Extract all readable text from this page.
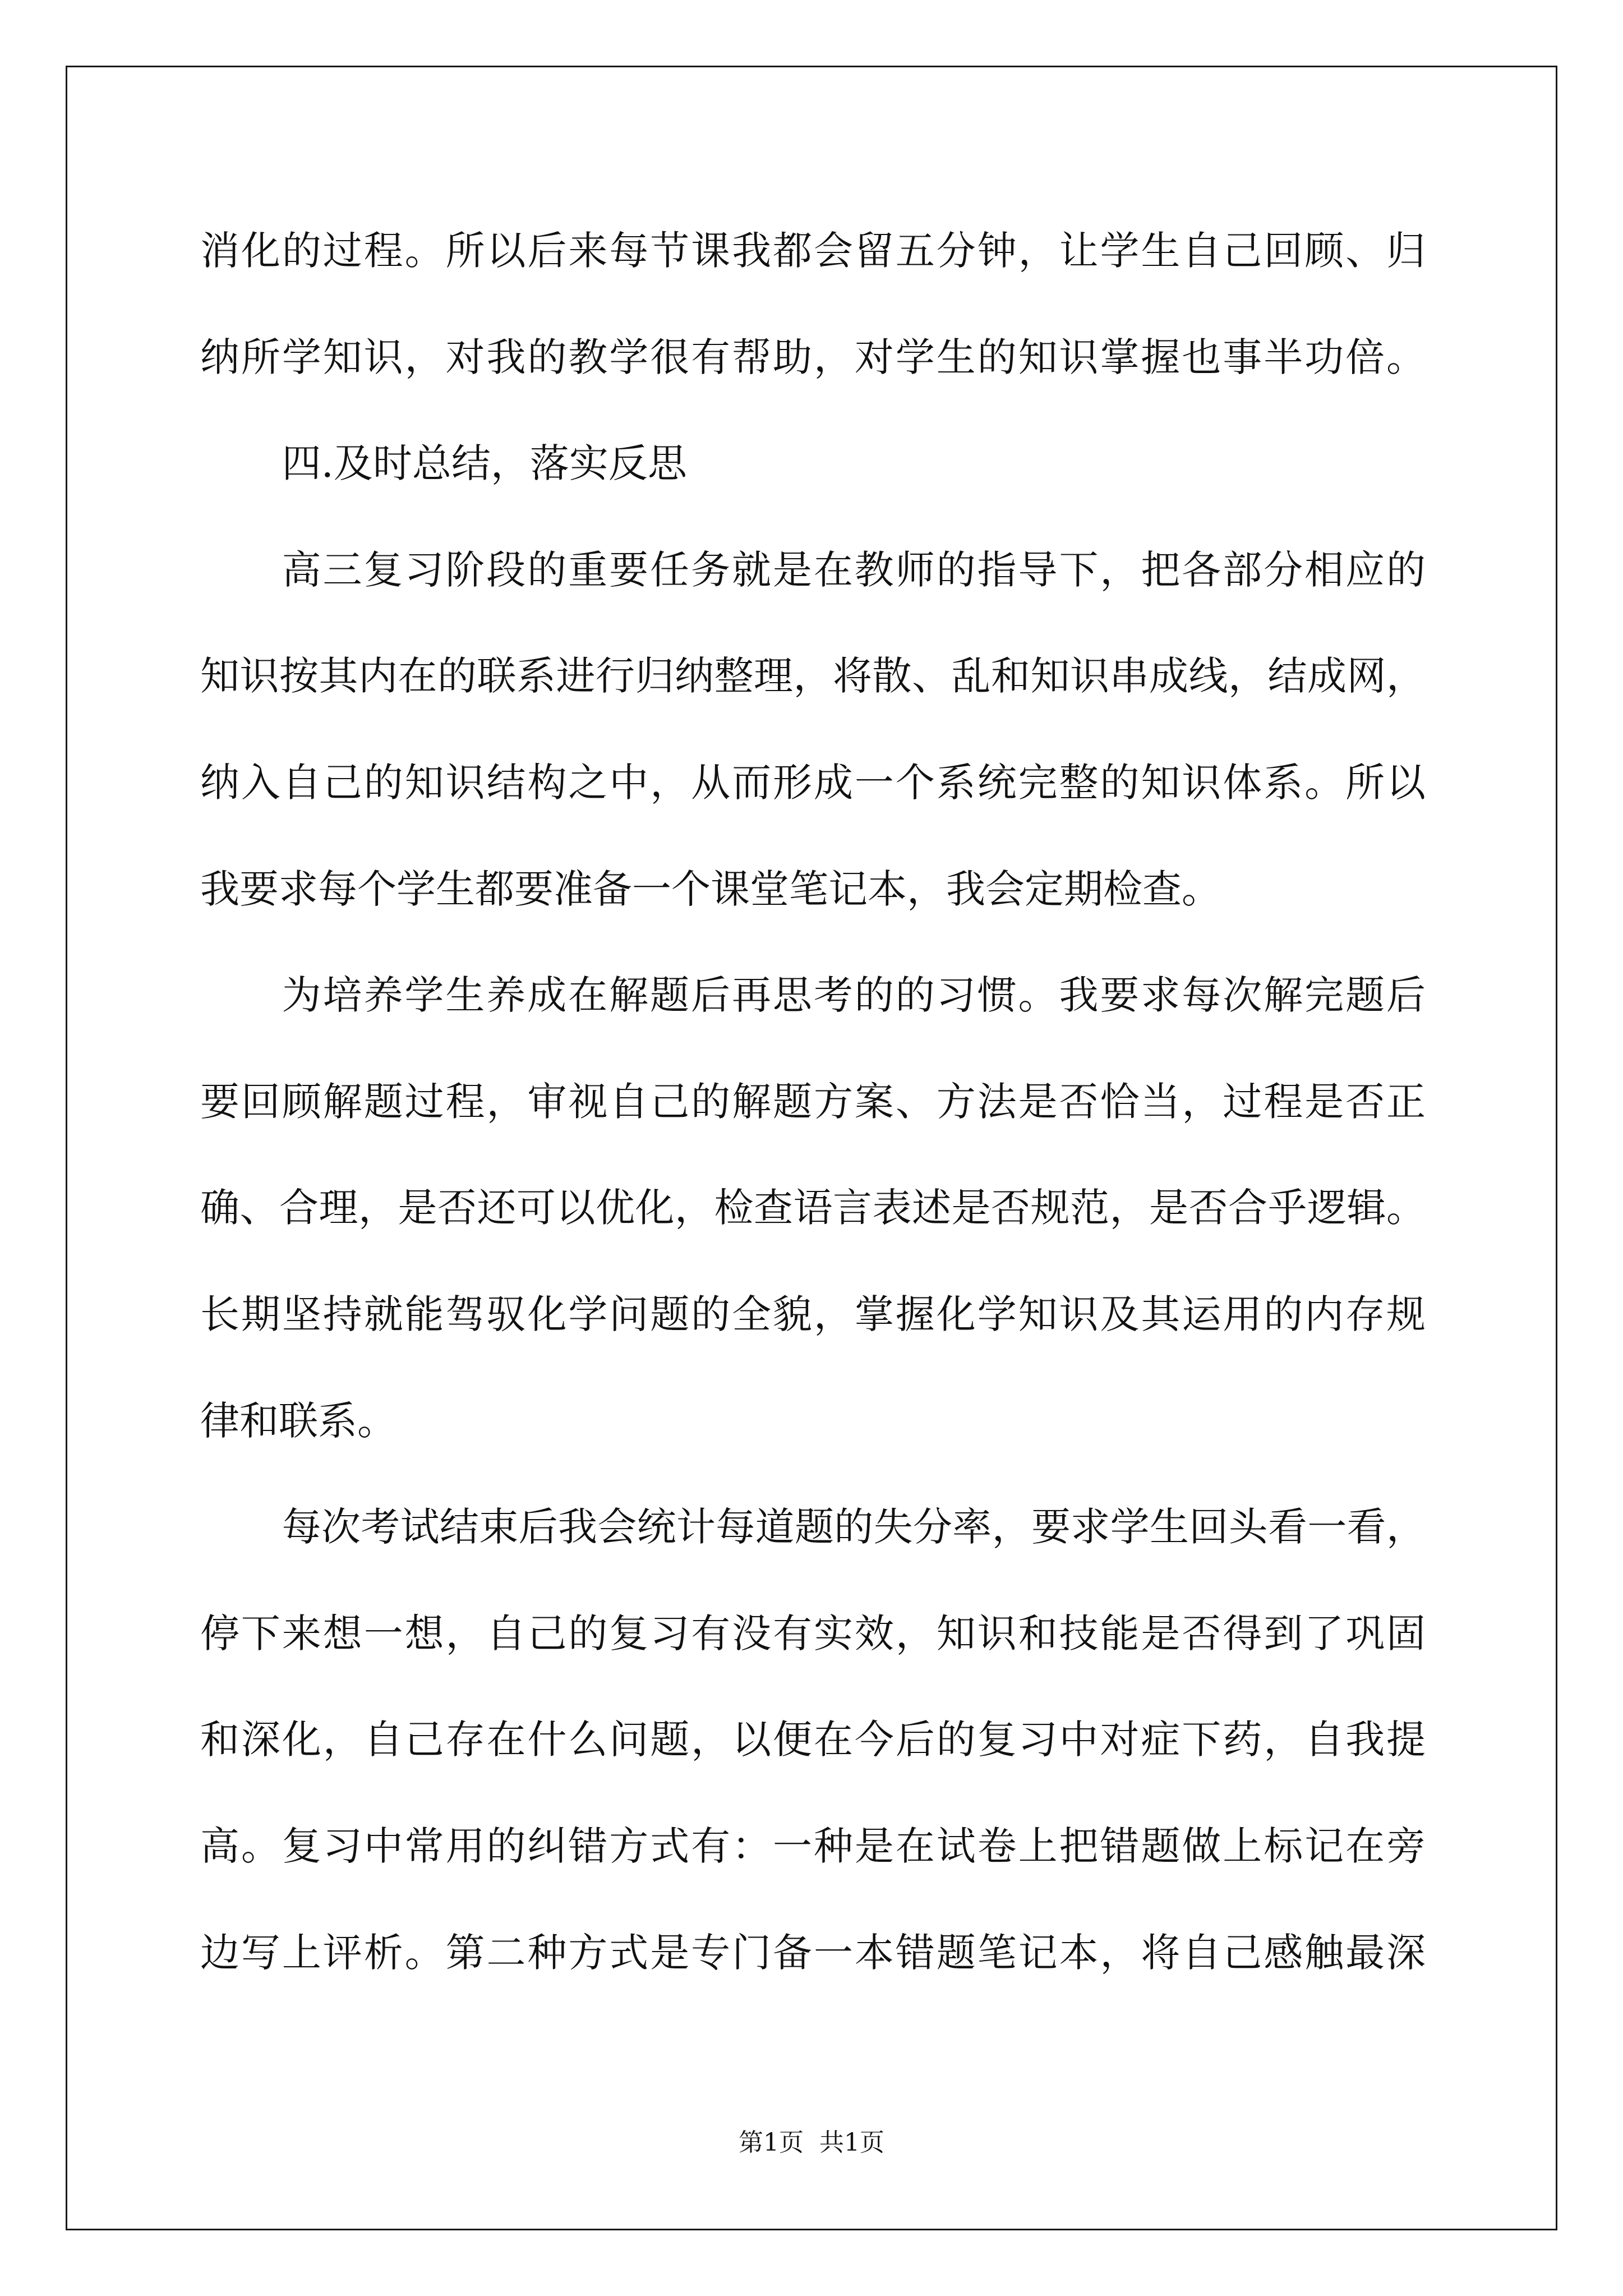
消化的过程。所以后来每节课我都会留五分钟，让学生自己回顾、归
纳所学知识，对我的教学很有帮助，对学生的知识掌握也事半功倍。
四.及时总结，落实反思
高三复习阶段的重要任务就是在教师的指导下，把各部分相应的
知识按其内在的联系进行归纳整理，将散、乱和知识串成线，结成网，
纳入自己的知识结构之中，从而形成一个系统完整的知识体系。所以
我要求每个学生都要准备一个课堂笔记本，我会定期检查。
为培养学生养成在解题后再思考的的习惯。我要求每次解完题后
要回顾解题过程，审视自己的解题方案、方法是否恰当，过程是否正
确、合理，是否还可以优化，检查语言表述是否规范，是否合乎逻辑。
长期坚持就能驾驭化学问题的全貌，掌握化学知识及其运用的内存规
律和联系。
每次考试结束后我会统计每道题的失分率，要求学生回头看一看，
停下来想一想，自己的复习有没有实效，知识和技能是否得到了巩固
和深化，自己存在什么问题，以便在今后的复习中对症下药，自我提
高。复习中常用的纠错方式有：一种是在试卷上把错题做上标记在旁
边写上评析。第二种方式是专门备一本错题笔记本，将自己感触最深
第1页  共1页
